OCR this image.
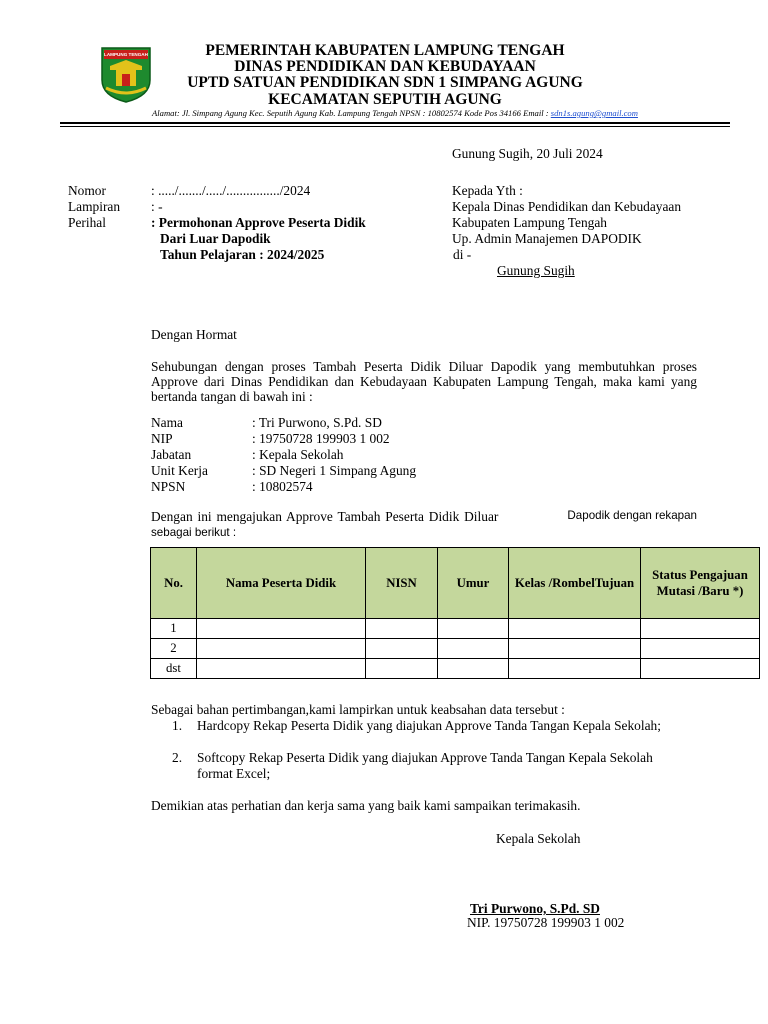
LAMPUNG TENGAH	PEMERINTAH KABUPATEN LAMPUNG TENGAH
DINAS PENDIDIKAN DAN KEBUDAYAAN
UPTD SATUAN PENDIDIKAN SDN 1 SIMPANG AGUNG
KECAMATAN SEPUTIH AGUNG
Alamat: Jl. Simpang Agung Kec. Seputih Agung Kab. Lampung Tengah NPSN : 10802574 Kode Pos 34166 Email : sdn1s.agung@gmail.com
Gunung Sugih, 20 Juli 2024
Nomor	: ...../......./...../................/2024
Lampiran : -
Perihal	: Permohonan Approve Peserta Didik
Dari Luar Dapodik
Tahun Pelajaran : 2024/2025
Kepada Yth :
Kepala Dinas Pendidikan dan Kebudayaan
Kabupaten Lampung Tengah
Up. Admin Manajemen DAPODIK
di -
Gunung Sugih
Dengan Hormat
Sehubungan dengan proses Tambah Peserta Didik Diluar Dapodik yang membutuhkan proses Approve dari Dinas Pendidikan dan Kebudayaan Kabupaten Lampung Tengah, maka kami yang bertanda tangan di bawah ini :
Nama	: Tri Purwono, S.Pd. SD
NIP	: 19750728 199903 1 002
Jabatan	: Kepala Sekolah
Unit Kerja	: SD Negeri 1 Simpang Agung
NPSN	: 10802574
Dengan ini mengajukan Approve Tambah Peserta Didik Diluar	Dapodik dengan rekapan
sebagai berikut :
No.	Nama Peserta Didik	NISN	Umur	Kelas /RombelTujuan	Status Pengajuan Mutasi /Baru *)
1					
2					
dst					
Sebagai bahan pertimbangan,kami lampirkan untuk keabsahan data tersebut :
1. Hardcopy Rekap Peserta Didik yang diajukan Approve Tanda Tangan Kepala Sekolah;
2. Softcopy Rekap Peserta Didik yang diajukan Approve Tanda Tangan Kepala Sekolah format Excel;
Demikian atas perhatian dan kerja sama yang baik kami sampaikan terimakasih.
Kepala Sekolah
Tri Purwono, S.Pd. SD
NIP. 19750728 199903 1 002
